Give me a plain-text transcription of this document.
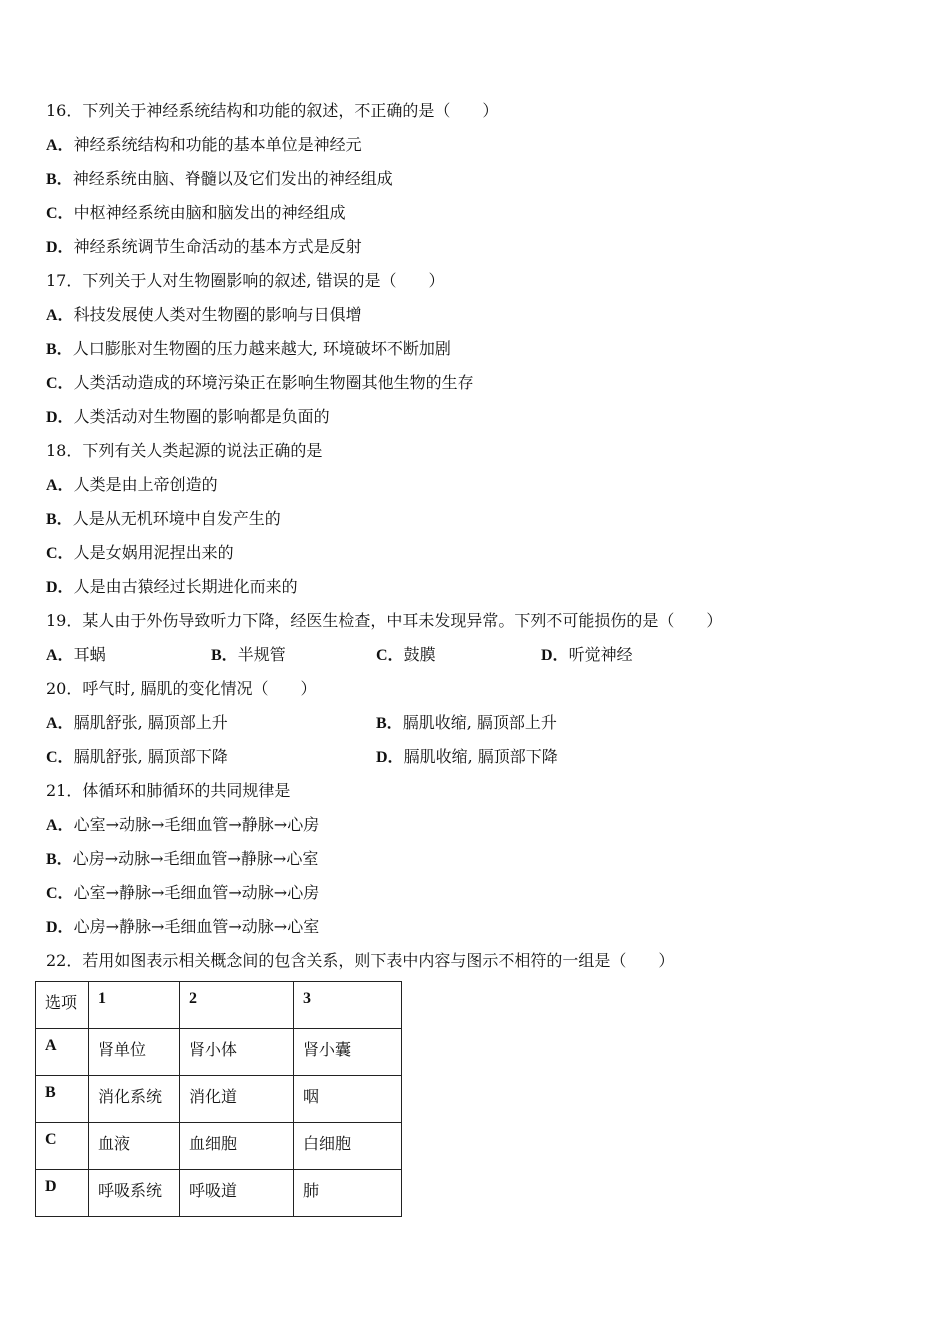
16．下列关于神经系统结构和功能的叙述，不正确的是（　　）
A．神经系统结构和功能的基本单位是神经元
B．神经系统由脑、脊髓以及它们发出的神经组成
C．中枢神经系统由脑和脑发出的神经组成
D．神经系统调节生命活动的基本方式是反射
17．下列关于人对生物圈影响的叙述, 错误的是（　　）
A．科技发展使人类对生物圈的影响与日俱增
B．人口膨胀对生物圈的压力越来越大, 环境破坏不断加剧
C．人类活动造成的环境污染正在影响生物圈其他生物的生存
D．人类活动对生物圈的影响都是负面的
18．下列有关人类起源的说法正确的是
A．人类是由上帝创造的
B．人是从无机环境中自发产生的
C．人是女娲用泥捏出来的
D．人是由古猿经过长期进化而来的
19．某人由于外伤导致听力下降，经医生检查，中耳未发现异常。下列不可能损伤的是（　　）
A．耳蜗	B．半规管	C．鼓膜	D．听觉神经
20．呼气时, 膈肌的变化情况（　　）
A．膈肌舒张, 膈顶部上升	B．膈肌收缩, 膈顶部上升
C．膈肌舒张, 膈顶部下降	D．膈肌收缩, 膈顶部下降
21．体循环和肺循环的共同规律是
A．心室→动脉→毛细血管→静脉→心房
B．心房→动脉→毛细血管→静脉→心室
C．心室→静脉→毛细血管→动脉→心房
D．心房→静脉→毛细血管→动脉→心室
22．若用如图表示相关概念间的包含关系，则下表中内容与图示不相符的一组是（　　）
选项	1	2	3
A	肾单位	肾小体	肾小囊
B	消化系统	消化道	咽
C	血液	血细胞	白细胞
D	呼吸系统	呼吸道	肺
